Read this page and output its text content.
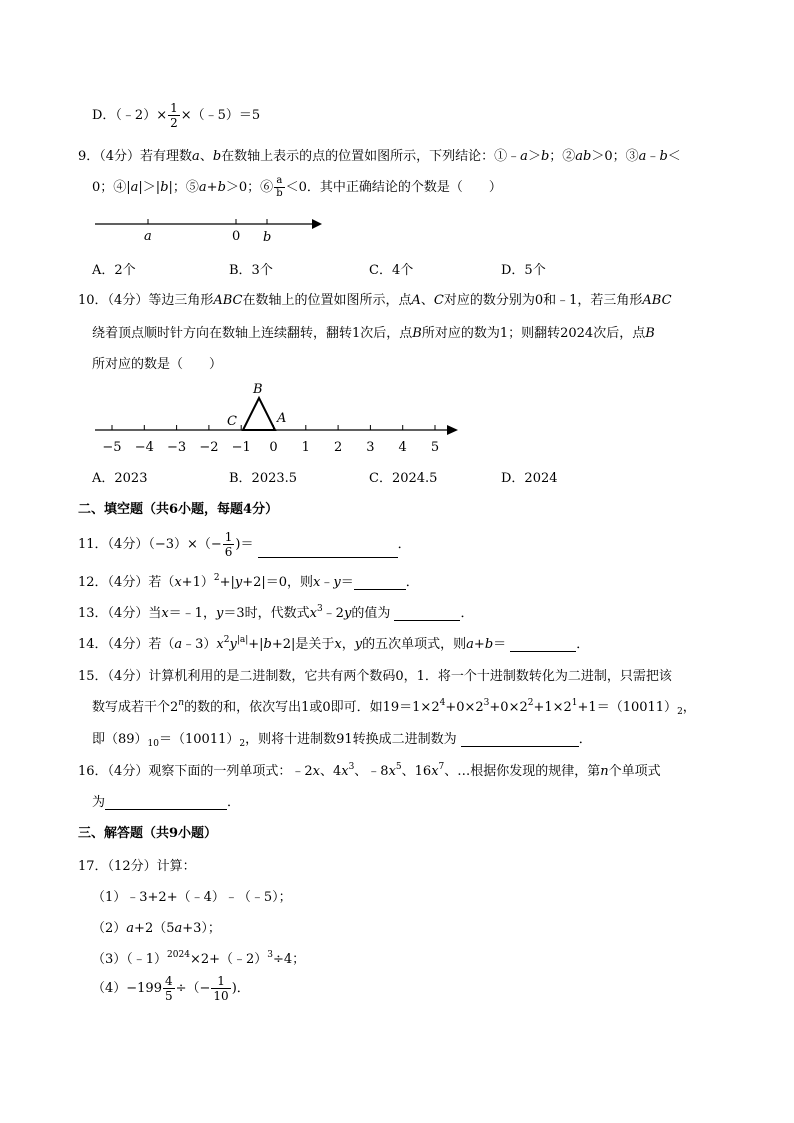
D．（﹣2）× $\frac{1}{2}$ ×（﹣5）＝5
9．（4分）若有理数a、b在数轴上表示的点的位置如图所示，下列结论：①﹣a＞b；②ab＞0；③a﹣b＜
0；④|a|＞|b|；⑤a+b＞0；⑥ $\frac{a}{b} <0$．其中正确结论的个数是（　　）
a	0 b
A．2个	B．3个	C．4个	D．5个
10．（4分）等边三角形ABC在数轴上的位置如图所示，点A、C对应的数分别为0和﹣1，若三角形ABC
绕着顶点顺时针方向在数轴上连续翻转，翻转1次后，点B所对应的数为1；则翻转2024次后，点B
所对应的数是（　　）
B
C	A
−5 −4 −3 −2 −1 0 1 2 3 4 5
A．2023	B．2023.5	C．2024.5	D．2024
二、填空题（共6小题，每题4分）
11．（4分）$(-3)\times(- \frac{1}{6}$ )＝	．
12．（4分）若$(x+1)^2+|y+2|=0$，则x﹣y＝	．
13．（4分）当x＝﹣1，y＝3时，代数式$x^3﹣2y$的值为	．
14．（4分）若$(a﹣3)x^2y^{|a|}+|b+2|$是关于x，y的五次单项式，则a+b＝	．
15．（4分）计算机利用的是二进制数，它共有两个数码0，1．将一个十进制数转化为二进制，只需把该
数写成若干个2$^n$的数的和，依次写出1或0即可．如$19=1\times 2^4+0\times 2^3+0\times 2^2+1\times 2^1+1=(10011)_2$，
即$(89)_{10}=(10011)_2$，则将十进制数91转换成二进制数为	．
16．（4分）观察下面的一列单项式：﹣2x、$4x^3$、$﹣8x^5$、$16x^7$、…根据你发现的规律，第n个单项式
为	．
三、解答题（共9小题）
17．（12分）计算：
（1）﹣3+2+（﹣4）﹣（﹣5）；
（2）a+2（5a+3）；
（3）（﹣1）$^{2024}$×2+（﹣2）$^3$÷4；
$(4)-199 \frac{4}{5}$ ÷（− $\frac{1}{10}$ )．
